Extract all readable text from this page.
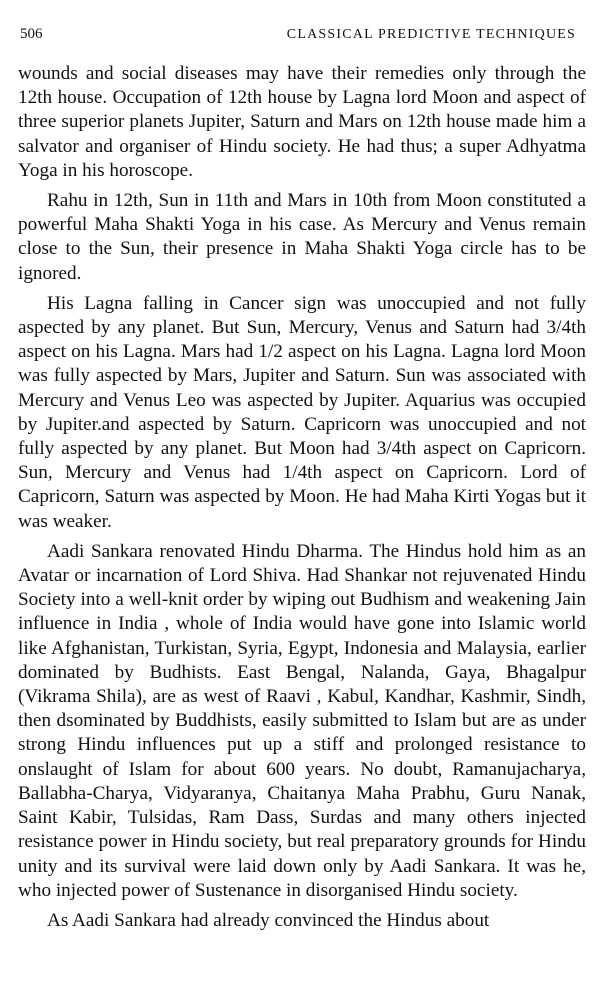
506	CLASSICAL PREDICTIVE TECHNIQUES

wounds and social diseases may have their remedies only through the 12th house. Occupation of 12th house by Lagna lord Moon and aspect of three superior planets Jupiter, Saturn and Mars on 12th house made him a salvator and organiser of Hindu society. He had thus; a super Adhyatma Yoga in his horoscope.

Rahu in 12th, Sun in 11th and Mars in 10th from Moon constituted a powerful Maha Shakti Yoga in his case. As Mercury and Venus remain close to the Sun, their presence in Maha Shakti Yoga circle has to be ignored.

His Lagna falling in Cancer sign was unoccupied and not fully aspected by any planet. But Sun, Mercury, Venus and Saturn had 3/4th aspect on his Lagna. Mars had 1/2 aspect on his Lagna. Lagna lord Moon was fully aspected by Mars, Jupiter and Saturn. Sun was associated with Mercury and Venus Leo was aspected by Jupiter. Aquarius was occupied by Jupiter.and aspected by Saturn. Capricorn was unoccupied and not fully aspected by any planet. But Moon had 3/4th aspect on Capricorn. Sun, Mercury and Venus had 1/4th aspect on Capricorn. Lord of Capricorn, Saturn was aspected by Moon. He had Maha Kirti Yogas but it was weaker.

Aadi Sankara renovated Hindu Dharma. The Hindus hold him as an Avatar or incarnation of Lord Shiva. Had Shankar not rejuvenated Hindu Society into a well-knit order by wiping out Budhism and weakening Jain influence in India , whole of India would have gone into Islamic world like Afghanistan, Turkistan, Syria, Egypt, Indonesia and Malaysia, earlier dominated by Budhists. East Bengal, Nalanda, Gaya, Bhagalpur (Vikrama Shila), are as west of Raavi , Kabul, Kandhar, Kashmir, Sindh, then dsominated by Buddhists, easily submitted to Islam but are as under strong Hindu influences put up a stiff and prolonged resistance to onslaught of Islam for about 600 years. No doubt, Ramanujacharya, Ballabha-Charya, Vidyaranya, Chaitanya Maha Prabhu, Guru Nanak, Saint Kabir, Tulsidas, Ram Dass, Surdas and many others injected resistance power in Hindu society, but real preparatory grounds for Hindu unity and its survival were laid down only by Aadi Sankara. It was he, who injected power of Sustenance in disorganised Hindu society.

As Aadi Sankara had already convinced the Hindus about
